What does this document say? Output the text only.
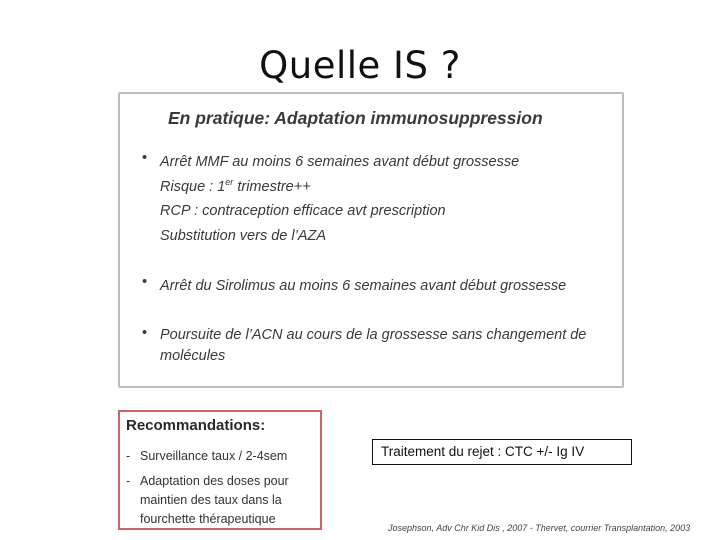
Quelle IS ?
En pratique: Adaptation immunosuppression
• Arrêt MMF au moins 6 semaines avant début grossesse
Risque : 1er trimestre++
RCP : contraception efficace avt prescription
Substitution vers de l’AZA
• Arrêt du Sirolimus au moins 6 semaines avant début grossesse
• Poursuite de l’ACN au cours de la grossesse sans changement de
molécules
Recommandations:
- Surveillance taux / 2-4sem
- Adaptation des doses pour
maintien des taux dans la
fourchette thérapeutique
Traitement du rejet : CTC +/- Ig IV
Josephson, Adv Chr Kid Dis , 2007 - Thervet, courrier Transplantation, 2003
